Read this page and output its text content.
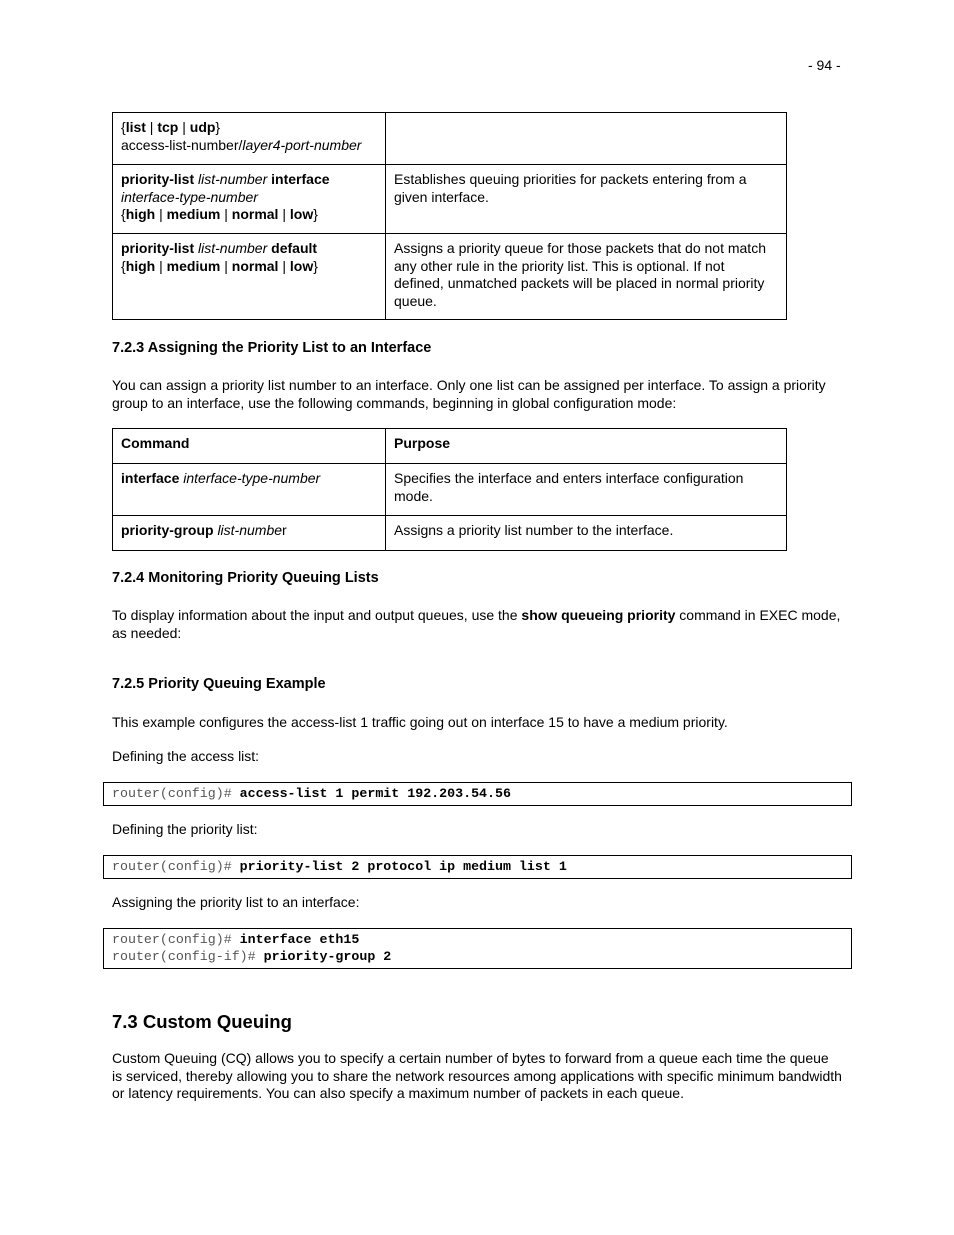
- 94 -
{list | tcp | udp}
access-list-number/layer4-port-number	
priority-list list-number interface
interface-type-number
{high | medium | normal | low}	Establishes queuing priorities for packets entering from a given interface.
priority-list list-number default
{high | medium | normal | low}	Assigns a priority queue for those packets that do not match any other rule in the priority list. This is optional. If not defined, unmatched packets will be placed in normal priority queue.
7.2.3 Assigning the Priority List to an Interface
You can assign a priority list number to an interface. Only one list can be assigned per interface. To assign a priority group to an interface, use the following commands, beginning in global configuration mode:
Command	Purpose
interface interface-type-number	Specifies the interface and enters interface configuration mode.
priority-group list-number	Assigns a priority list number to the interface.
7.2.4 Monitoring Priority Queuing Lists
To display information about the input and output queues, use the show queueing priority command in EXEC mode, as needed:
7.2.5 Priority Queuing Example
This example configures the access-list 1 traffic going out on interface 15 to have a medium priority.
Defining the access list:
router(config)# access-list 1 permit 192.203.54.56
Defining the priority list:
router(config)# priority-list 2 protocol ip medium list 1
Assigning the priority list to an interface:
router(config)# interface eth15
router(config-if)# priority-group 2
7.3 Custom Queuing
Custom Queuing (CQ) allows you to specify a certain number of bytes to forward from a queue each time the queue is serviced, thereby allowing you to share the network resources among applications with specific minimum bandwidth or latency requirements. You can also specify a maximum number of packets in each queue.
